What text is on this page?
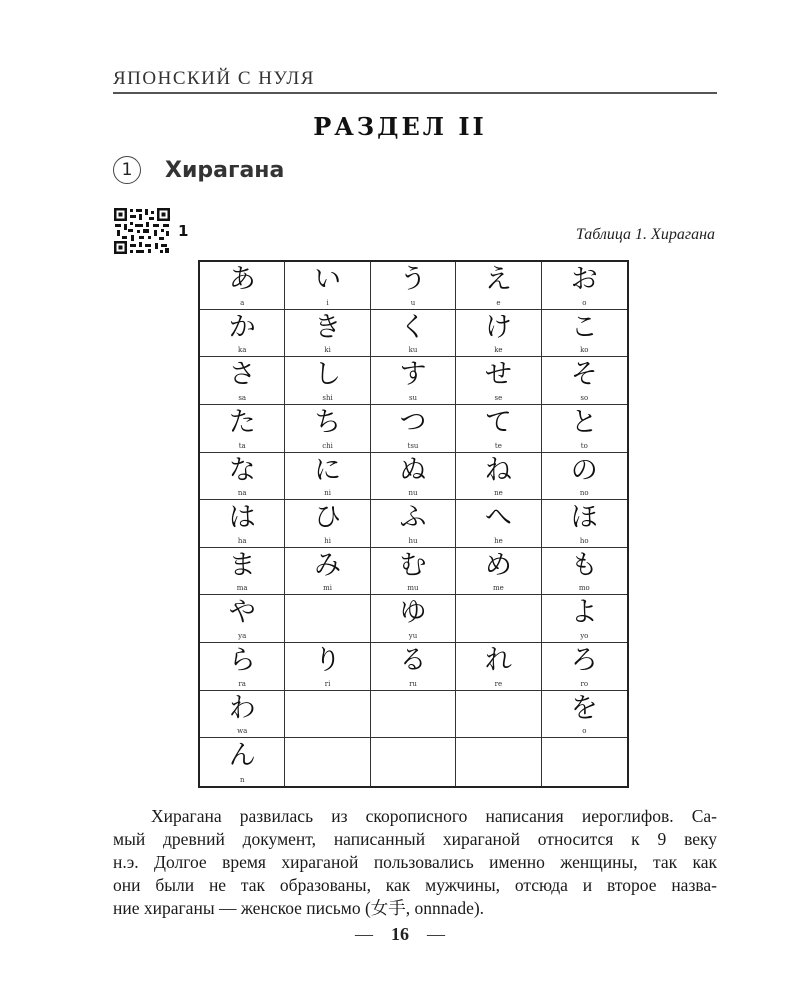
ЯПОНСКИЙ С НУЛЯ
РАЗДЕЛ II
1	Хирагана
1	Таблица 1. Хирагана
あ
a
い
i
う
u
え
e
お
o
か
ka
き
ki
く
ku
け
ke
こ
ko
さ
sa
し
shi
す
su
せ
se
そ
so
た
ta
ち
chi
つ
tsu
て
te
と
to
な
na
に
ni
ぬ
nu
ね
ne
の
no
は
ha
ひ
hi
ふ
hu
へ
he
ほ
ho
ま
ma
み
mi
む
mu
め
me
も
mo
や
ya
ゆ
yu
よ
yo
ら
ra
り
ri
る
ru
れ
re
ろ
ro
わ
wa
を
o
ん
n
Хирагана развилась из скорописного написания иероглифов. Са-
мый древний документ, написанный хираганой относится к 9 веку
н.э. Долгое время хираганой пользовались именно женщины, так как
они были не так образованы, как мужчины, отсюда и второе назва-
ние хираганы — женское письмо (女手, onnnade).
— 16 —
